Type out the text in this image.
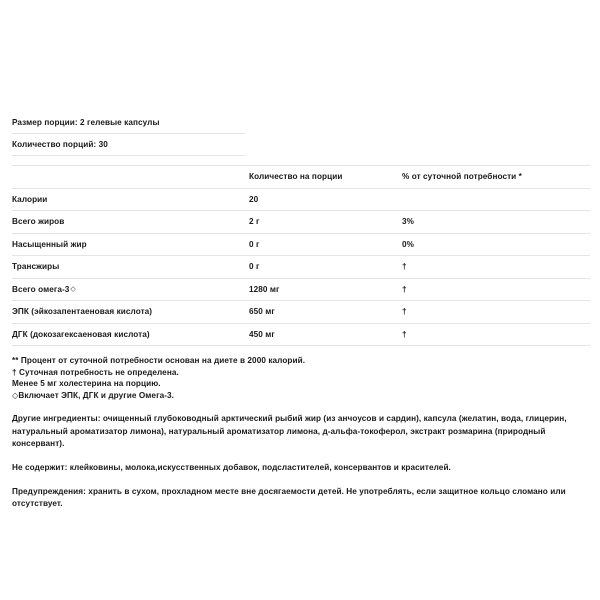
Размер порции: 2 гелевые капсулы
Количество порций: 30
	Количество на порции	% от суточной потребности *
Калории	20	
Всего жиров	2 г	3%
Насыщенный жир	0 г	0%
Трансжиры	0 г	†
Всего омега-3◇	1280 мг	†
ЭПК (эйкозапентаеновая кислота)	650 мг	†
ДГК (докозагексаеновая кислота)	450 мг	†
** Процент от суточной потребности основан на диете в 2000 калорий.
† Суточная потребность не определена.
Менее 5 мг холестерина на порцию.
◇Включает ЭПК, ДГК и другие Омега-3.
Другие ингредиенты: очищенный глубоководный арктический рыбий жир (из анчоусов и сардин), капсула (желатин, вода, глицерин, натуральный ароматизатор лимона), натуральный ароматизатор лимона, д-альфа-токоферол, экстракт розмарина (природный консервант).
Не содержит: клейковины, молока,искусственных добавок, подсластителей, консервантов и красителей.
Предупреждения: хранить в сухом, прохладном месте вне досягаемости детей. Не употреблять, если защитное кольцо сломано или отсутствует.
